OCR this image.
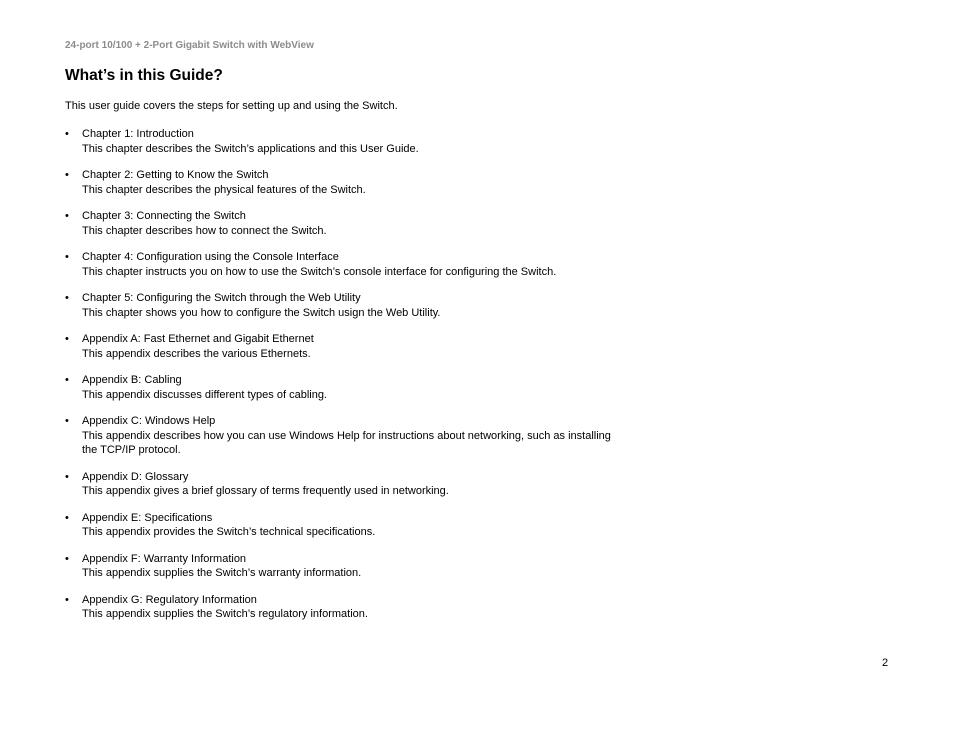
24-port 10/100 + 2-Port Gigabit Switch with WebView
What’s in this Guide?

This user guide covers the steps for setting up and using the Switch.

• Chapter 1: Introduction
This chapter describes the Switch’s applications and this User Guide.
• Chapter 2: Getting to Know the Switch
This chapter describes the physical features of the Switch.
• Chapter 3: Connecting the Switch
This chapter describes how to connect the Switch.
• Chapter 4: Configuration using the Console Interface
This chapter instructs you on how to use the Switch’s console interface for configuring the Switch.
• Chapter 5: Configuring the Switch through the Web Utility
This chapter shows you how to configure the Switch usign the Web Utility.
• Appendix A: Fast Ethernet and Gigabit Ethernet
This appendix describes the various Ethernets.
• Appendix B: Cabling
This appendix discusses different types of cabling.
• Appendix C: Windows Help
This appendix describes how you can use Windows Help for instructions about networking, such as installing the TCP/IP protocol.
• Appendix D: Glossary
This appendix gives a brief glossary of terms frequently used in networking.
• Appendix E: Specifications
This appendix provides the Switch’s technical specifications.
• Appendix F: Warranty Information
This appendix supplies the Switch’s warranty information.
• Appendix G: Regulatory Information
This appendix supplies the Switch’s regulatory information.
2
